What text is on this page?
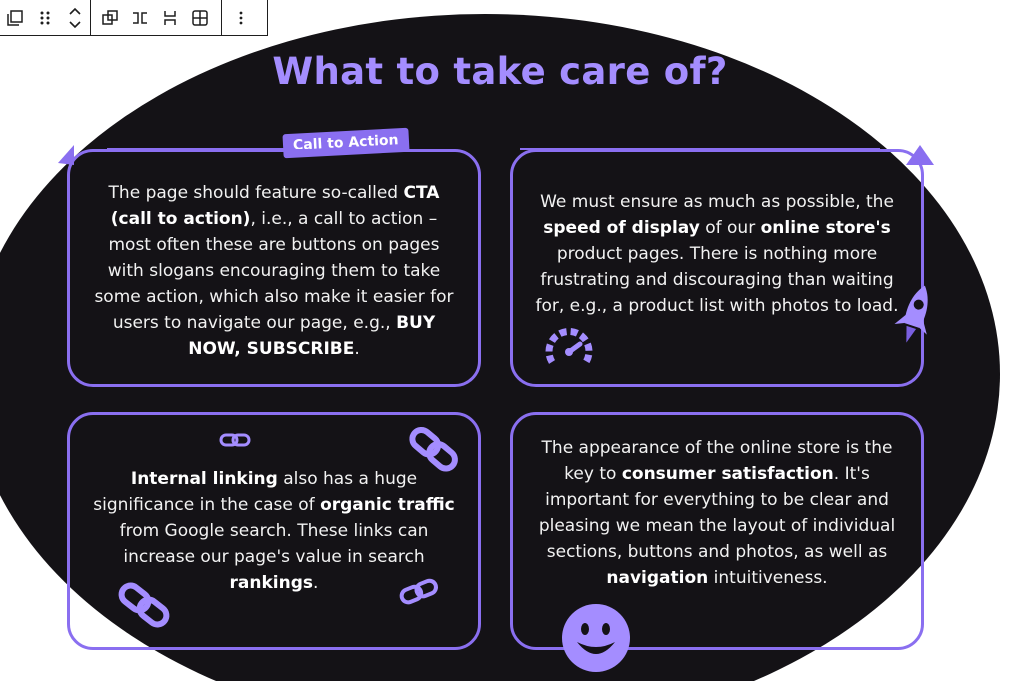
What to take care of?
Call to Action
The page should feature so-called CTA (call to action), i.e., a call to action – most often these are buttons on pages with slogans encouraging them to take some action, which also make it easier for users to navigate our page, e.g., BUY NOW, SUBSCRIBE.
We must ensure as much as possible, the speed of display of our online store's product pages. There is nothing more frustrating and discouraging than waiting for, e.g., a product list with photos to load.
Internal linking also has a huge significance in the case of organic traffic from Google search. These links can increase our page's value in search rankings.
The appearance of the online store is the key to consumer satisfaction. It's important for everything to be clear and pleasing we mean the layout of individual sections, buttons and photos, as well as navigation intuitiveness.
